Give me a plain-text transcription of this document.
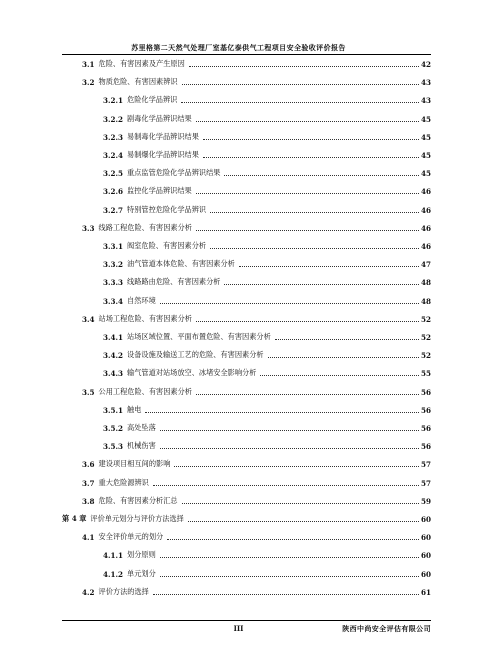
苏里格第二天然气处理厂室基亿泰供气工程项目安全验收评价报告
3.1 危险、有害因素及产生原因	42
3.2 物质危险、有害因素辨识	43
3.2.1 危险化学品辨识	43
3.2.2 剧毒化学品辨识结果	45
3.2.3 易制毒化学品辨识结果	45
3.2.4 易制爆化学品辨识结果	45
3.2.5 重点监管危险化学品辨识结果	45
3.2.6 监控化学品辨识结果	46
3.2.7 特别管控危险化学品辨识	46
3.3 线路工程危险、有害因素分析	46
3.3.1 阀室危险、有害因素分析	46
3.3.2 油气管道本体危险、有害因素分析	47
3.3.3 线路路由危险、有害因素分析	48
3.3.4 自然环境	48
3.4 站场工程危险、有害因素分析	52
3.4.1 站场区域位置、平面布置危险、有害因素分析	52
3.4.2 设备设施及输送工艺的危险、有害因素分析	52
3.4.3 输气管道对站场放空、冰堵安全影响分析	55
3.5 公用工程危险、有害因素分析	56
3.5.1 触电	56
3.5.2 高处坠落	56
3.5.3 机械伤害	56
3.6 建设项目相互间的影响	57
3.7 重大危险源辨识	57
3.8 危险、有害因素分析汇总	59
第 4 章 评价单元划分与评价方法选择	60
4.1 安全评价单元的划分	60
4.1.1 划分原则	60
4.1.2 单元划分	60
4.2 评价方法的选择	61
III	陕西中尚安全评估有限公司
